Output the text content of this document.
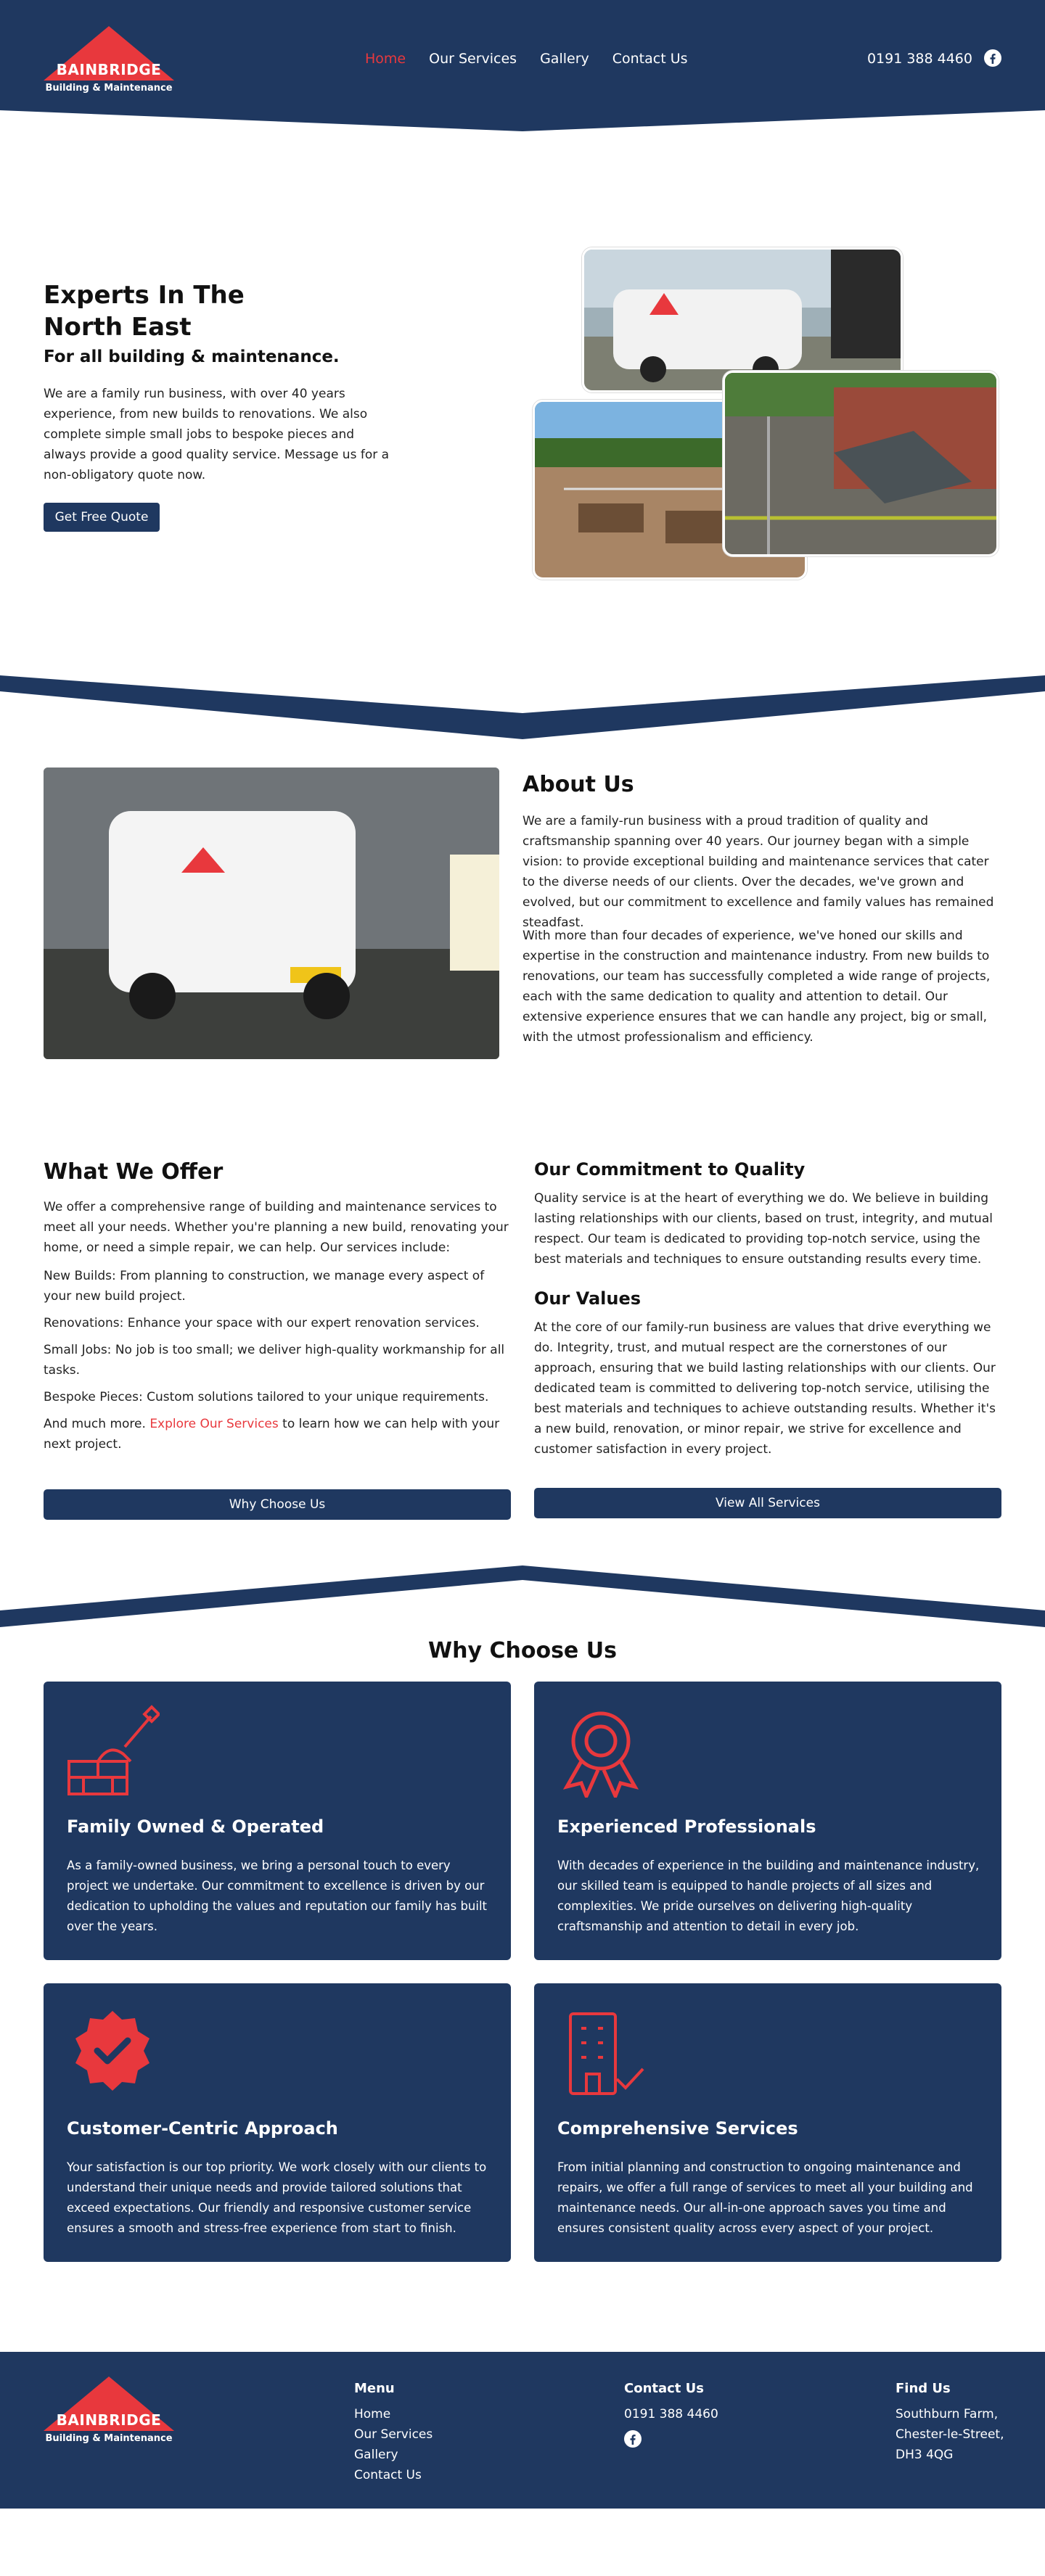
BAINBRIDGE
Building & Maintenance
Home Our Services Gallery Contact Us	0191 388 4460
Experts In The
North East
For all building & maintenance.

We are a family run business, with over 40 years experience, from new builds to renovations. We also complete simple small jobs to bespoke pieces and always provide a good quality service. Message us for a non-obligatory quote now.

Get Free Quote
About Us

We are a family-run business with a proud tradition of quality and craftsmanship spanning over 40 years. Our journey began with a simple vision: to provide exceptional building and maintenance services that cater to the diverse needs of our clients. Over the decades, we've grown and evolved, but our commitment to excellence and family values has remained steadfast.

With more than four decades of experience, we've honed our skills and expertise in the construction and maintenance industry. From new builds to renovations, our team has successfully completed a wide range of projects, each with the same dedication to quality and attention to detail. Our extensive experience ensures that we can handle any project, big or small, with the utmost professionalism and efficiency.

What We Offer

We offer a comprehensive range of building and maintenance services to meet all your needs. Whether you're planning a new build, renovating your home, or need a simple repair, we can help. Our services include:

New Builds: From planning to construction, we manage every aspect of your new build project.

Renovations: Enhance your space with our expert renovation services.

Small Jobs: No job is too small; we deliver high-quality workmanship for all tasks.

Bespoke Pieces: Custom solutions tailored to your unique requirements.

And much more. Explore Our Services to learn how we can help with your next project.

Why Choose Us
Our Commitment to Quality

Quality service is at the heart of everything we do. We believe in building lasting relationships with our clients, based on trust, integrity, and mutual respect. Our team is dedicated to providing top-notch service, using the best materials and techniques to ensure outstanding results every time.

Our Values

At the core of our family-run business are values that drive everything we do. Integrity, trust, and mutual respect are the cornerstones of our approach, ensuring that we build lasting relationships with our clients. Our dedicated team is committed to delivering top-notch service, utilising the best materials and techniques to achieve outstanding results. Whether it's a new build, renovation, or minor repair, we strive for excellence and customer satisfaction in every project.

View All Services
Why Choose Us
Family Owned & Operated

As a family-owned business, we bring a personal touch to every project we undertake. Our commitment to excellence is driven by our dedication to upholding the values and reputation our family has built over the years.

Experienced Professionals

With decades of experience in the building and maintenance industry, our skilled team is equipped to handle projects of all sizes and complexities. We pride ourselves on delivering high-quality craftsmanship and attention to detail in every job.

Customer-Centric Approach

Your satisfaction is our top priority. We work closely with our clients to understand their unique needs and provide tailored solutions that exceed expectations. Our friendly and responsive customer service ensures a smooth and stress-free experience from start to finish.

Comprehensive Services

From initial planning and construction to ongoing maintenance and repairs, we offer a full range of services to meet all your building and maintenance needs. Our all-in-one approach saves you time and ensures consistent quality across every aspect of your project.

BAINBRIDGE
Building & Maintenance
Menu
Home
Our Services
Gallery
Contact Us
Contact Us
0191 388 4460
Find Us
Southburn Farm,
Chester-le-Street,
DH3 4QG
